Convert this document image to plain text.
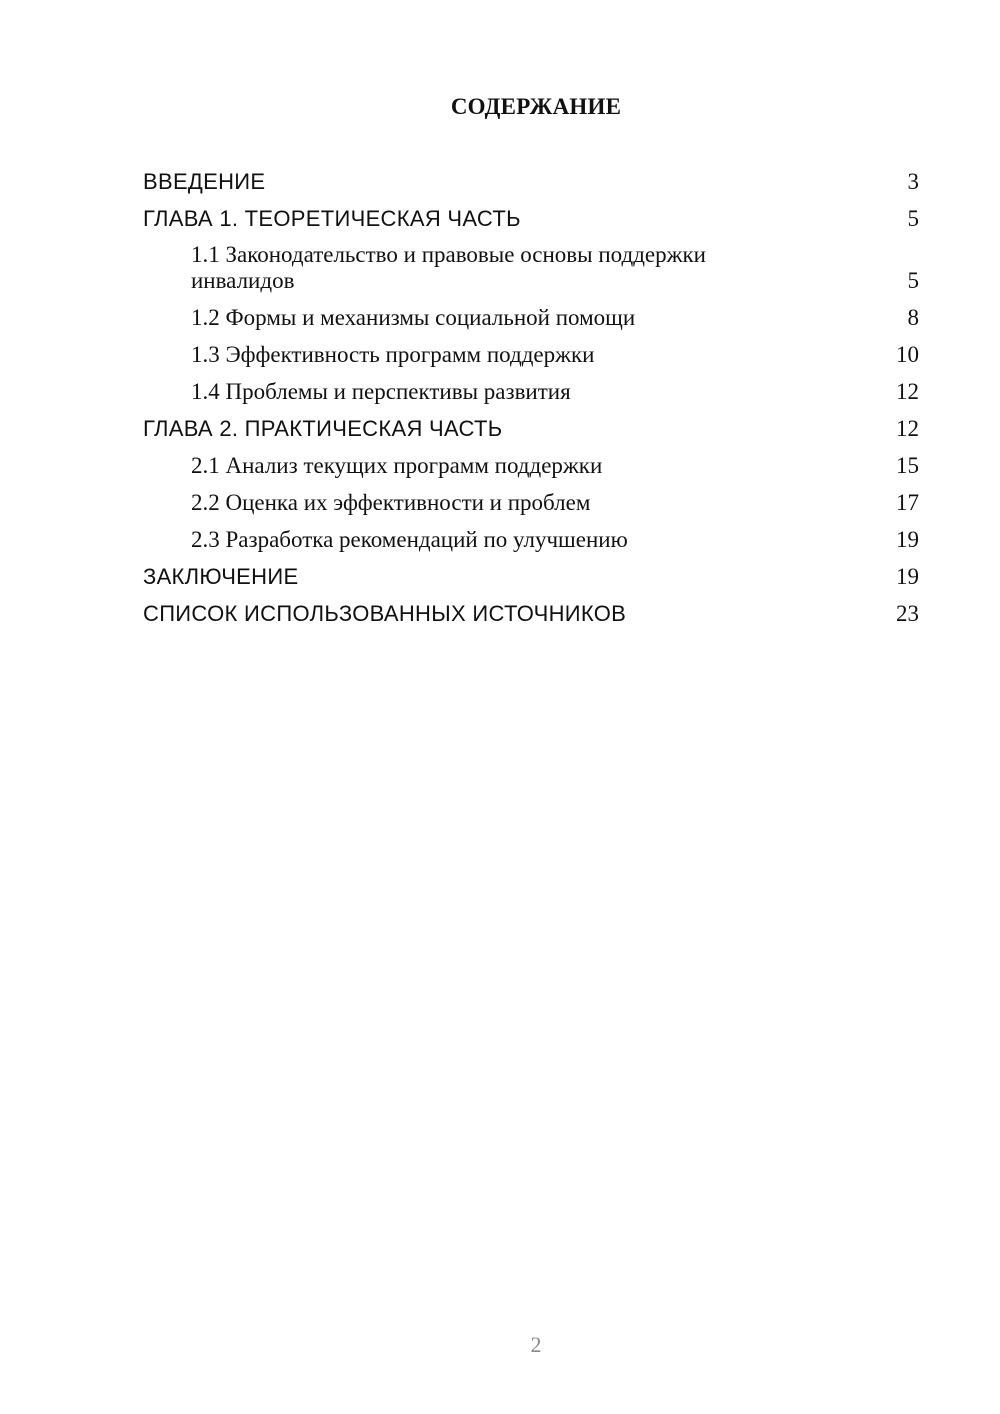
СОДЕРЖАНИЕ
ВВЕДЕНИЕ	3
ГЛАВА 1. ТЕОРЕТИЧЕСКАЯ ЧАСТЬ	5
1.1 Законодательство и правовые основы поддержки инвалидов	5
1.2 Формы и механизмы социальной помощи	8
1.3 Эффективность программ поддержки	10
1.4 Проблемы и перспективы развития	12
ГЛАВА 2. ПРАКТИЧЕСКАЯ ЧАСТЬ	12
2.1 Анализ текущих программ поддержки	15
2.2 Оценка их эффективности и проблем	17
2.3 Разработка рекомендаций по улучшению	19
ЗАКЛЮЧЕНИЕ	19
СПИСОК ИСПОЛЬЗОВАННЫХ ИСТОЧНИКОВ	23
2
